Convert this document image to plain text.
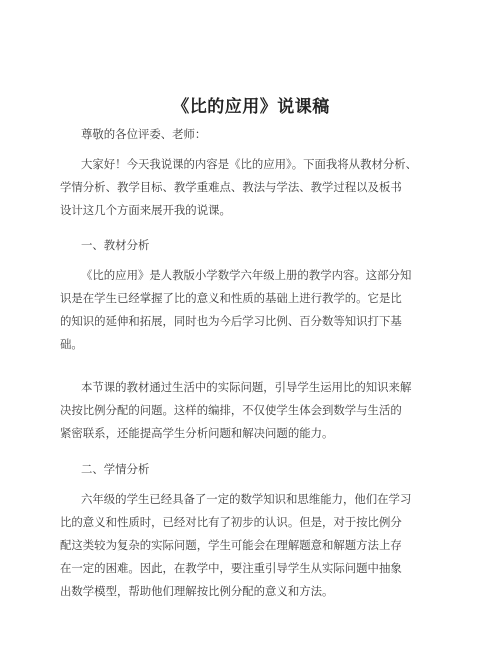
《比的应用》说课稿
尊敬的各位评委、老师：
大家好！今天我说课的内容是《比的应用》。下面我将从教材分析、
学情分析、教学目标、教学重难点、教法与学法、教学过程以及板书
设计这几个方面来展开我的说课。
一、教材分析
《比的应用》是人教版小学数学六年级上册的教学内容。这部分知
识是在学生已经掌握了比的意义和性质的基础上进行教学的。它是比
的知识的延伸和拓展，同时也为今后学习比例、百分数等知识打下基
础。
本节课的教材通过生活中的实际问题，引导学生运用比的知识来解
决按比例分配的问题。这样的编排，不仅使学生体会到数学与生活的
紧密联系，还能提高学生分析问题和解决问题的能力。
二、学情分析
六年级的学生已经具备了一定的数学知识和思维能力，他们在学习
比的意义和性质时，已经对比有了初步的认识。但是，对于按比例分
配这类较为复杂的实际问题，学生可能会在理解题意和解题方法上存
在一定的困难。因此，在教学中，要注重引导学生从实际问题中抽象
出数学模型，帮助他们理解按比例分配的意义和方法。
